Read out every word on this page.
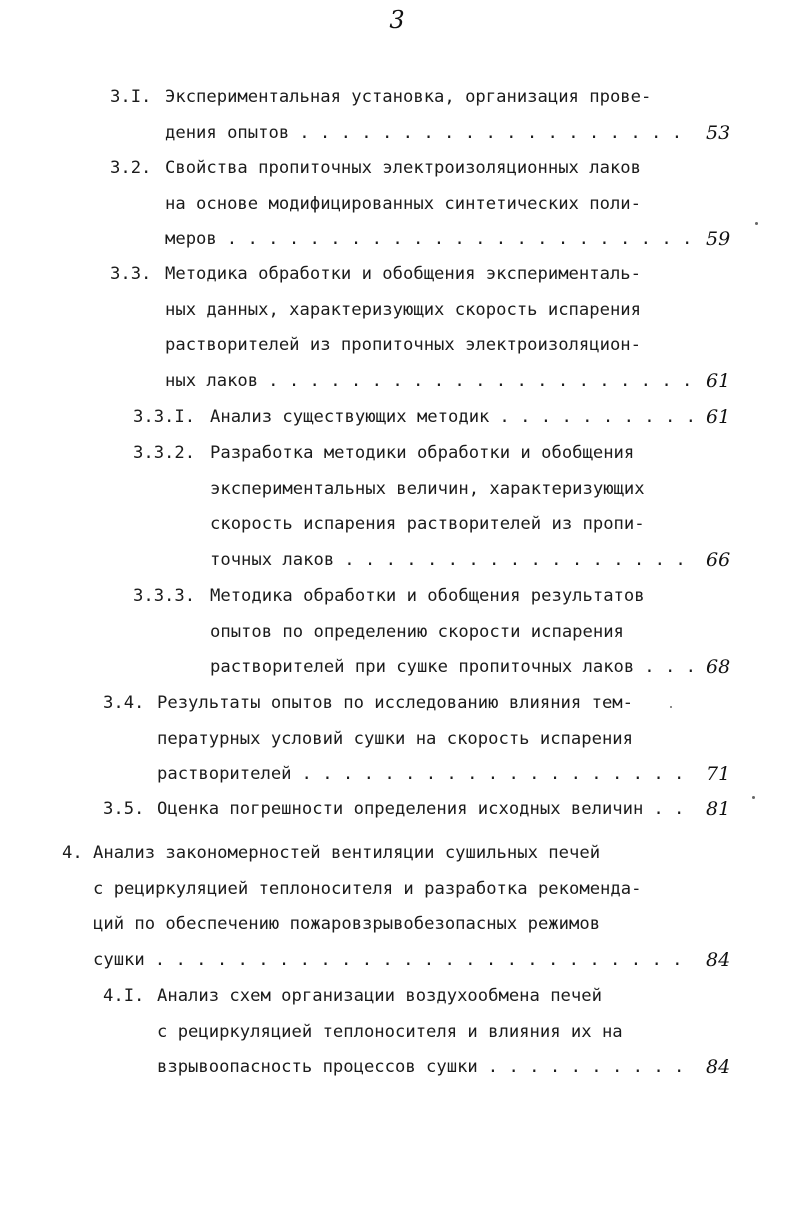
3
3.I. Экспериментальная установка, организация прове-
дения опытов . . . . . . . . . . . . . . . . . . .	53
3.2. Свойства пропиточных электроизоляционных лаков
на основе модифицированных синтетических поли-
меров . . . . . . . . . . . . . . . . . . . . . . . 59
3.3. Методика обработки и обобщения эксперименталь-
ных данных, характеризующих скорость испарения
растворителей из пропиточных электроизоляцион-
ных лаков . . . . . . . . . . . . . . . . . . . . . 61
3.3.I. Анализ существующих методик . . . . . . . . . . 61
3.3.2. Разработка методики обработки и обобщения
экспериментальных величин, характеризующих
скорость испарения растворителей из пропи-
точных лаков . . . . . . . . . . . . . . . . . 66
3.3.3. Методика обработки и обобщения результатов
опытов по определению скорости испарения
растворителей при сушке пропиточных лаков . . . 68
3.4. Результаты опытов по исследованию влияния тем-
пературных условий сушки на скорость испарения
растворителей . . . . . . . . . . . . . . . . . . . 71
3.5. Оценка погрешности определения исходных величин . . 81
4. Анализ закономерностей вентиляции сушильных печей
с рециркуляцией теплоносителя и разработка рекоменда-
ций по обеспечению пожаровзрывобезопасных режимов
сушки . . . . . . . . . . . . . . . . . . . . . . . . . .	84
4.I. Анализ схем организации воздухообмена печей
с рециркуляцией теплоносителя и влияния их на
взрывоопасность процессов сушки . . . . . . . . . . 84
